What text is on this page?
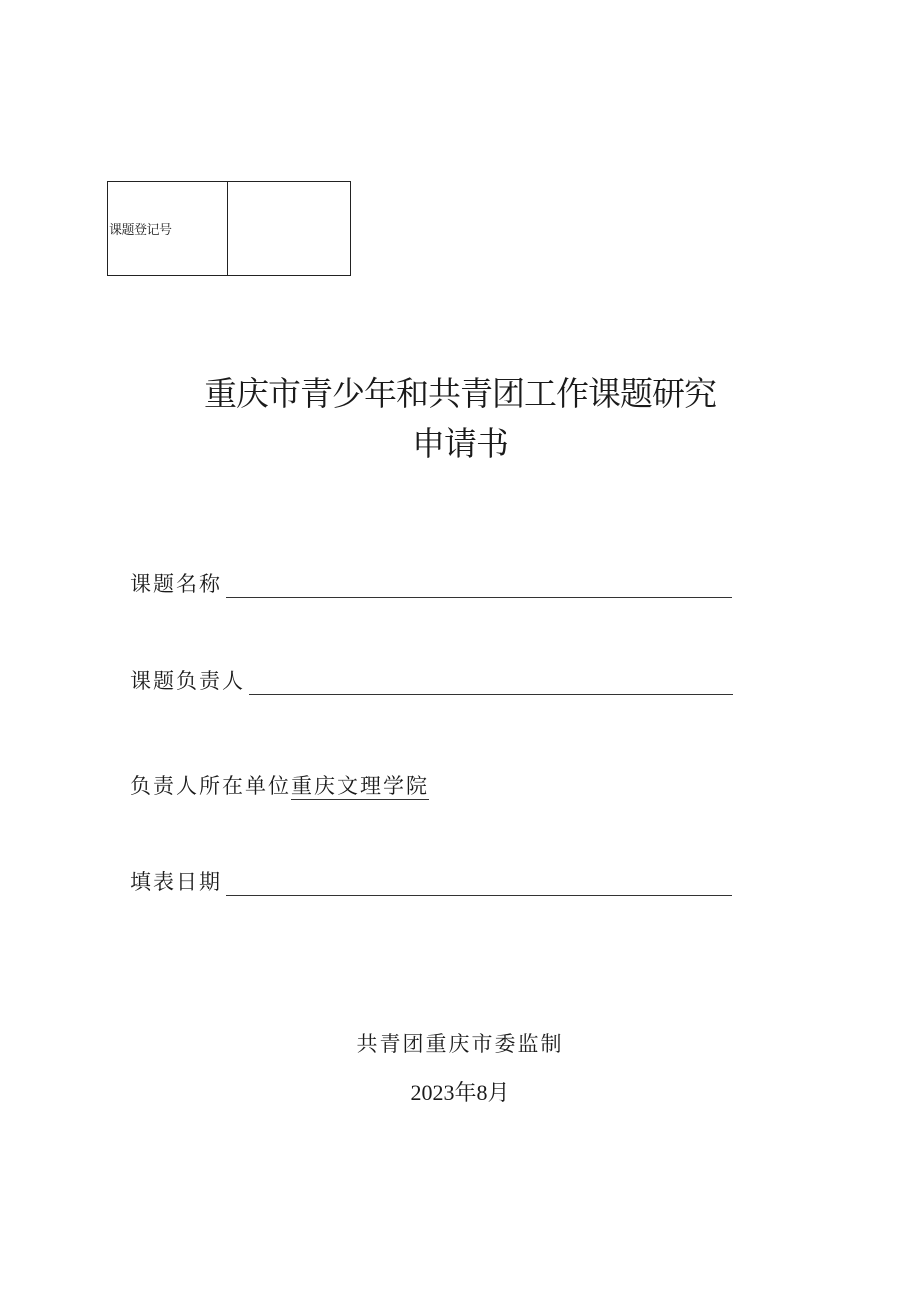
课题登记号
重庆市青少年和共青团工作课题研究
申请书
课题名称
课题负责人
负责人所在单位 重庆文理学院
填表日期
共青团重庆市委监制
2023年8月
